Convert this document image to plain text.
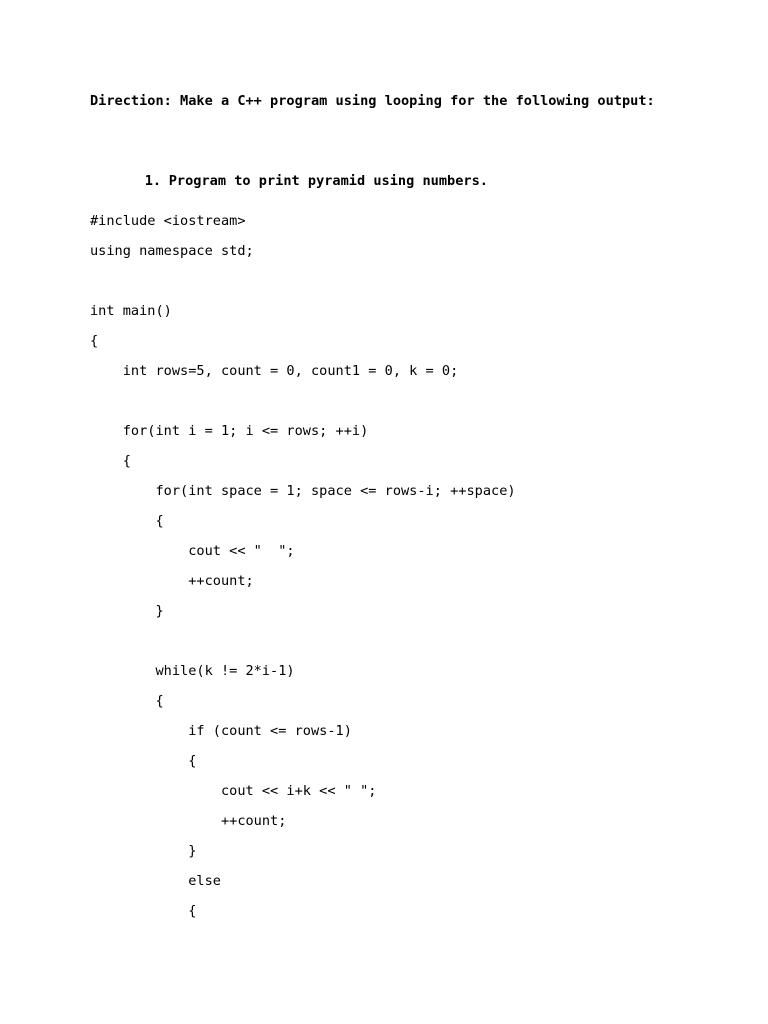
Direction: Make a C++ program using looping for the following output:

1. Program to print pyramid using numbers.

#include <iostream>
using namespace std;
int main()
{
int rows=5, count = 0, count1 = 0, k = 0;
for(int i = 1; i <= rows; ++i)
{
for(int space = 1; space <= rows-i; ++space)
{
cout << "  ";
++count;
}
while(k != 2*i-1)
{
if (count <= rows-1)
{
cout << i+k << " ";
++count;
}
else
{
